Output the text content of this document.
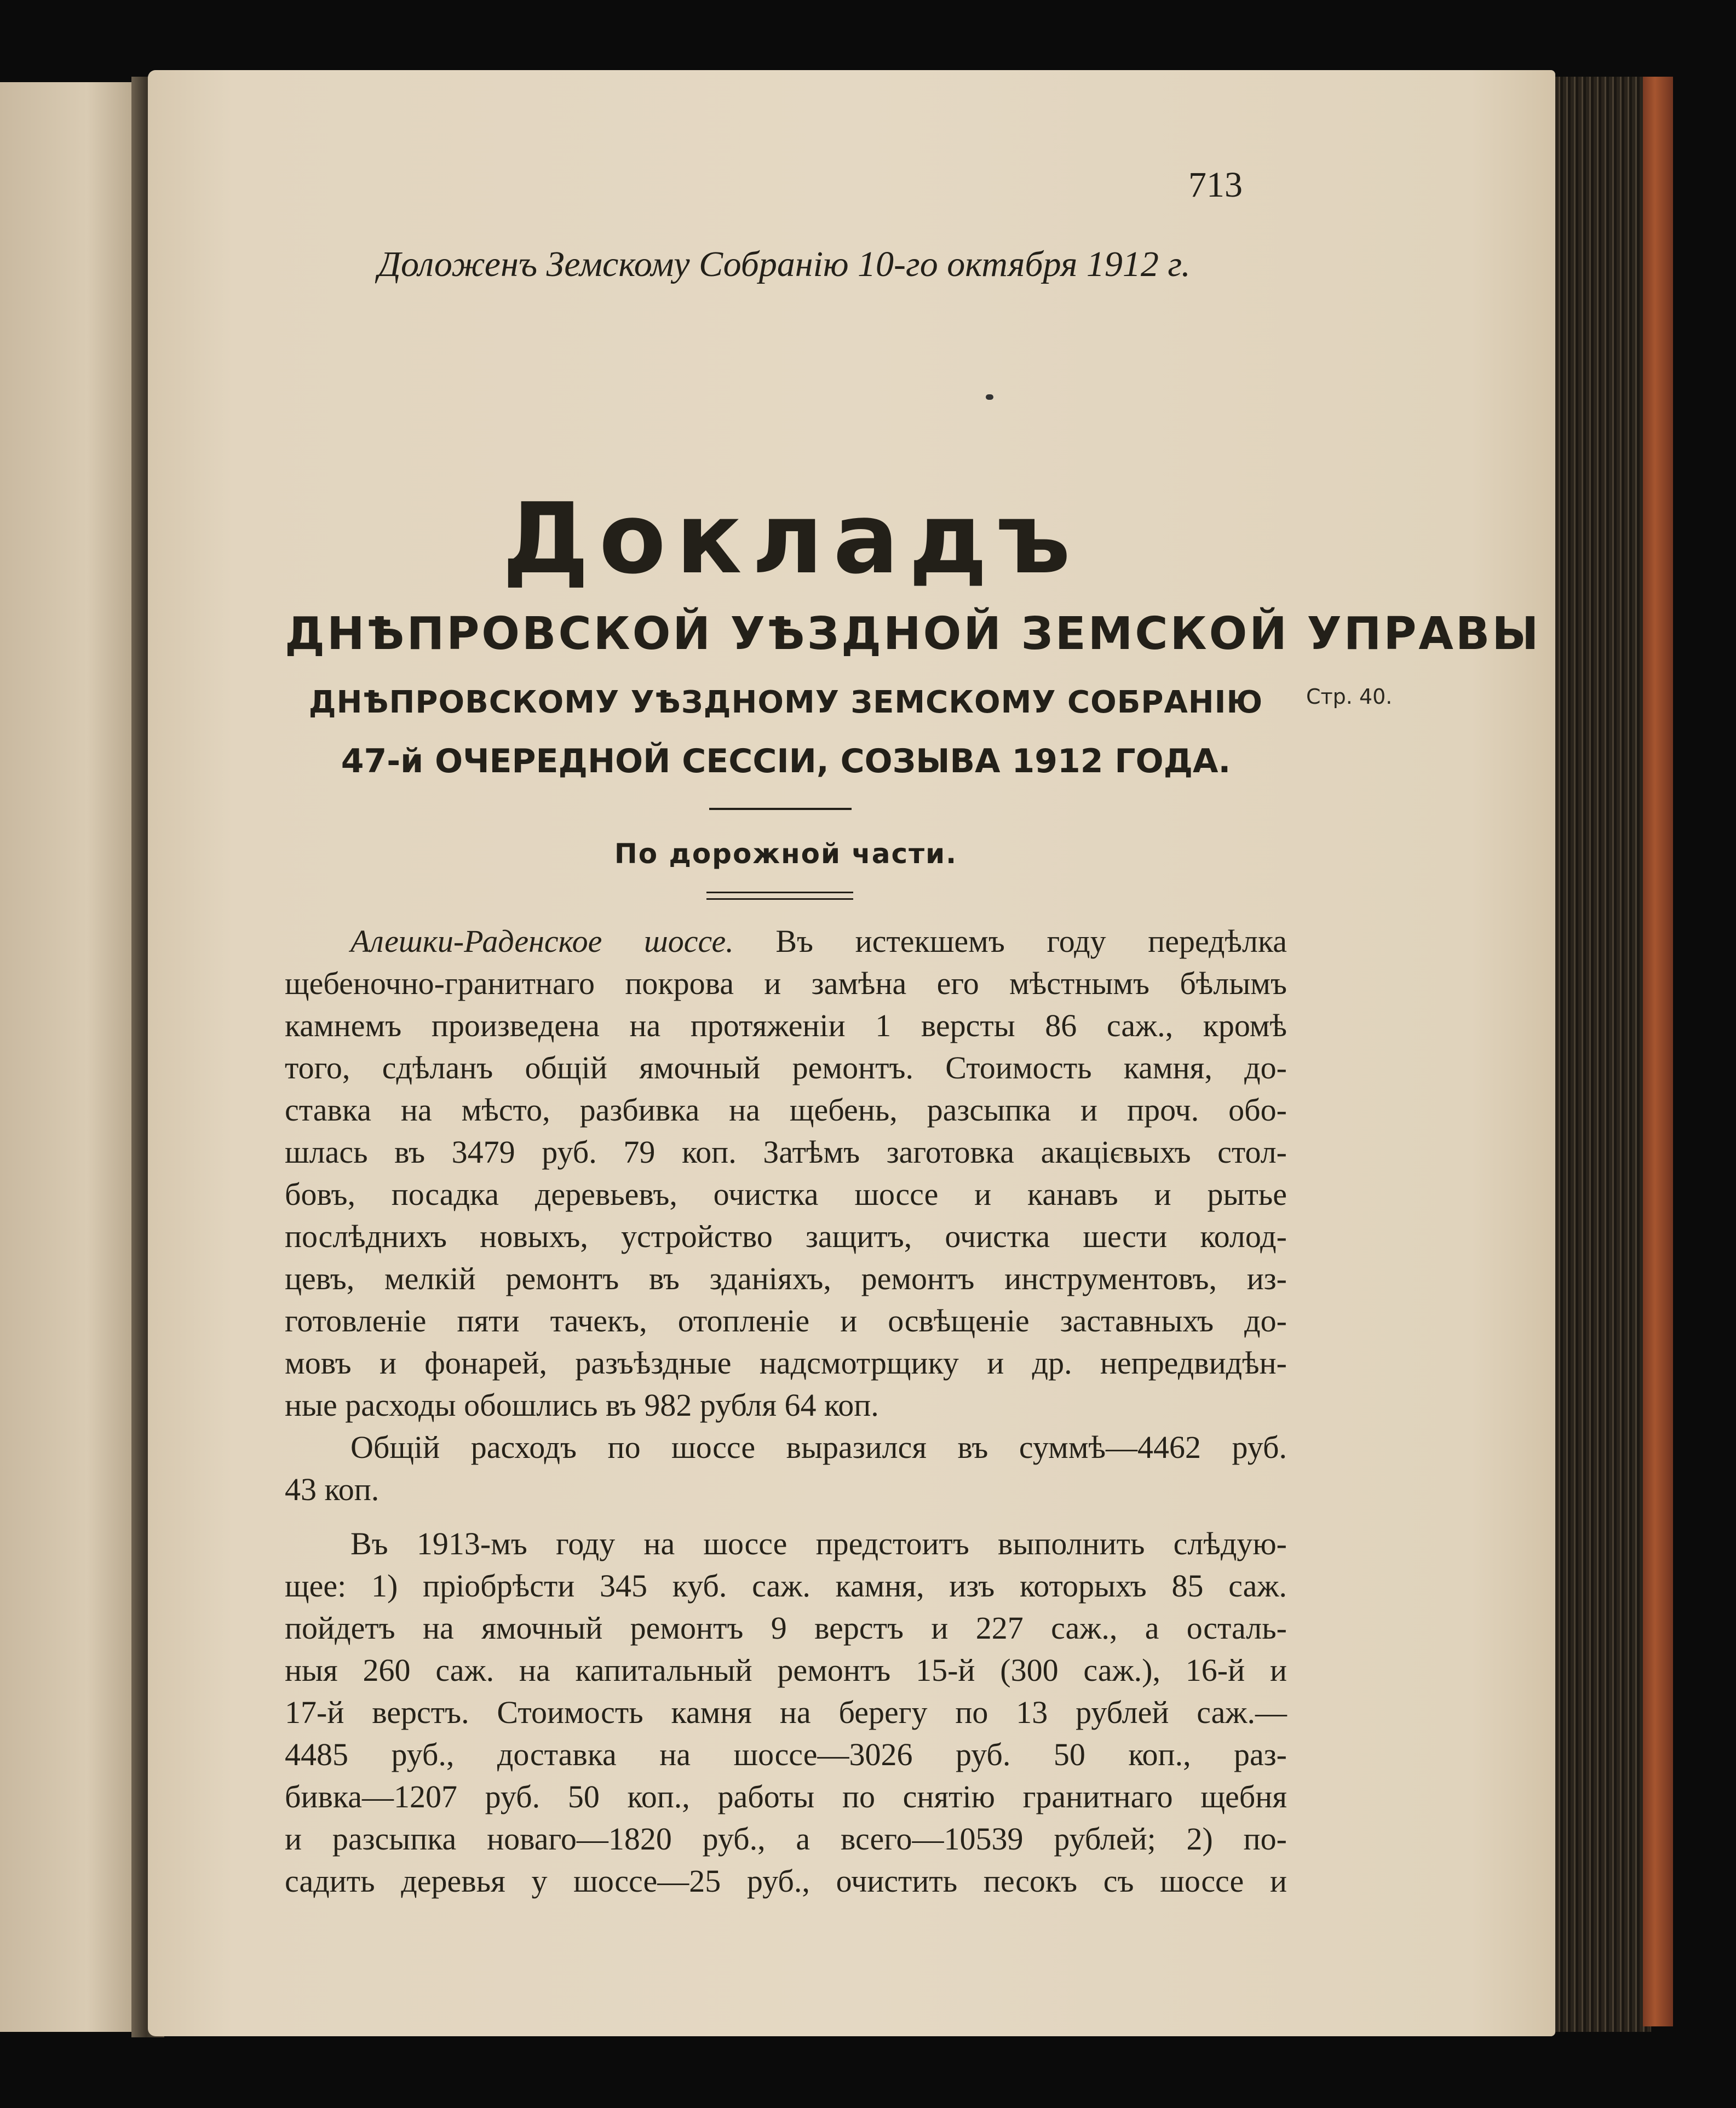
713
Доложенъ Земскому Собранію 10-го октября 1912 г.
Докладъ
ДНѢПРОВСКОЙ УѢЗДНОЙ ЗЕМСКОЙ УПРАВЫ
ДНѢПРОВСКОМУ УѢЗДНОМУ ЗЕМСКОМУ СОБРАНІЮ
47-й ОЧЕРЕДНОЙ СЕССІИ, СОЗЫВА 1912 ГОДА.
Стр. 40.
По дорожной части.
Алешки-Раденское шоссе. Въ истекшемъ году передѣлка
щебеночно-гранитнаго покрова и замѣна его мѣстнымъ бѣлымъ
камнемъ произведена на протяженіи 1 версты 86 саж., кромѣ
того, сдѣланъ общій ямочный ремонтъ. Стоимость камня, до-
ставка на мѣсто, разбивка на щебень, разсыпка и проч. обо-
шлась въ 3479 руб. 79 коп. Затѣмъ заготовка акацієвыхъ стол-
бовъ, посадка деревьевъ, очистка шоссе и канавъ и рытье
послѣднихъ новыхъ, устройство защитъ, очистка шести колод-
цевъ, мелкій ремонтъ въ зданіяхъ, ремонтъ инструментовъ, из-
готовленіе пяти тачекъ, отопленіе и освѣщеніе заставныхъ до-
мовъ и фонарей, разъѣздные надсмотрщику и др. непредвидѣн-
ные расходы обошлись въ 982 рубля 64 коп.
Общій расходъ по шоссе выразился въ суммѣ—4462 руб.
43 коп.
Въ 1913-мъ году на шоссе предстоитъ выполнить слѣдую-
щее: 1) пріобрѣсти 345 куб. саж. камня, изъ которыхъ 85 саж.
пойдетъ на ямочный ремонтъ 9 верстъ и 227 саж., а осталь-
ныя 260 саж. на капитальный ремонтъ 15-й (300 саж.), 16-й и
17-й верстъ. Стоимость камня на берегу по 13 рублей саж.—
4485 руб., доставка на шоссе—3026 руб. 50 коп., раз-
бивка—1207 руб. 50 коп., работы по снятію гранитнаго щебня
и разсыпка новаго—1820 руб., а всего—10539 рублей; 2) по-
садить деревья у шоссе—25 руб., очистить песокъ съ шоссе и
